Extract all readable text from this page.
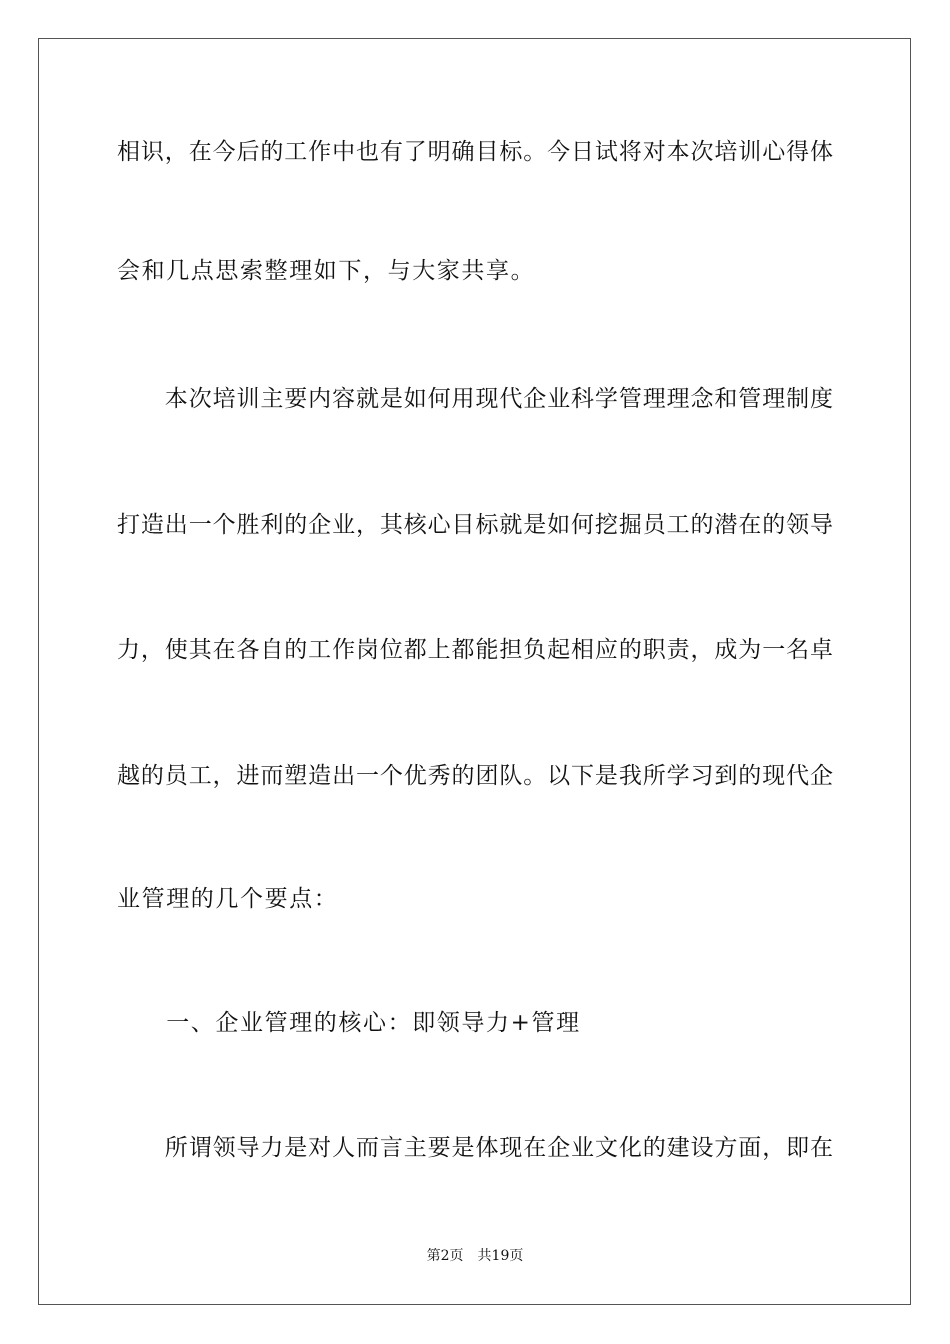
相识，在今后的工作中也有了明确目标。今日试将对本次培训心得体
会和几点思索整理如下，与大家共享。
　　本次培训主要内容就是如何用现代企业科学管理理念和管理制度
打造出一个胜利的企业，其核心目标就是如何挖掘员工的潜在的领导
力，使其在各自的工作岗位都上都能担负起相应的职责，成为一名卓
越的员工，进而塑造出一个优秀的团队。以下是我所学习到的现代企
业管理的几个要点：
　　一、企业管理的核心：即领导力+管理
　　所谓领导力是对人而言主要是体现在企业文化的建设方面，即在
第2页 共19页
